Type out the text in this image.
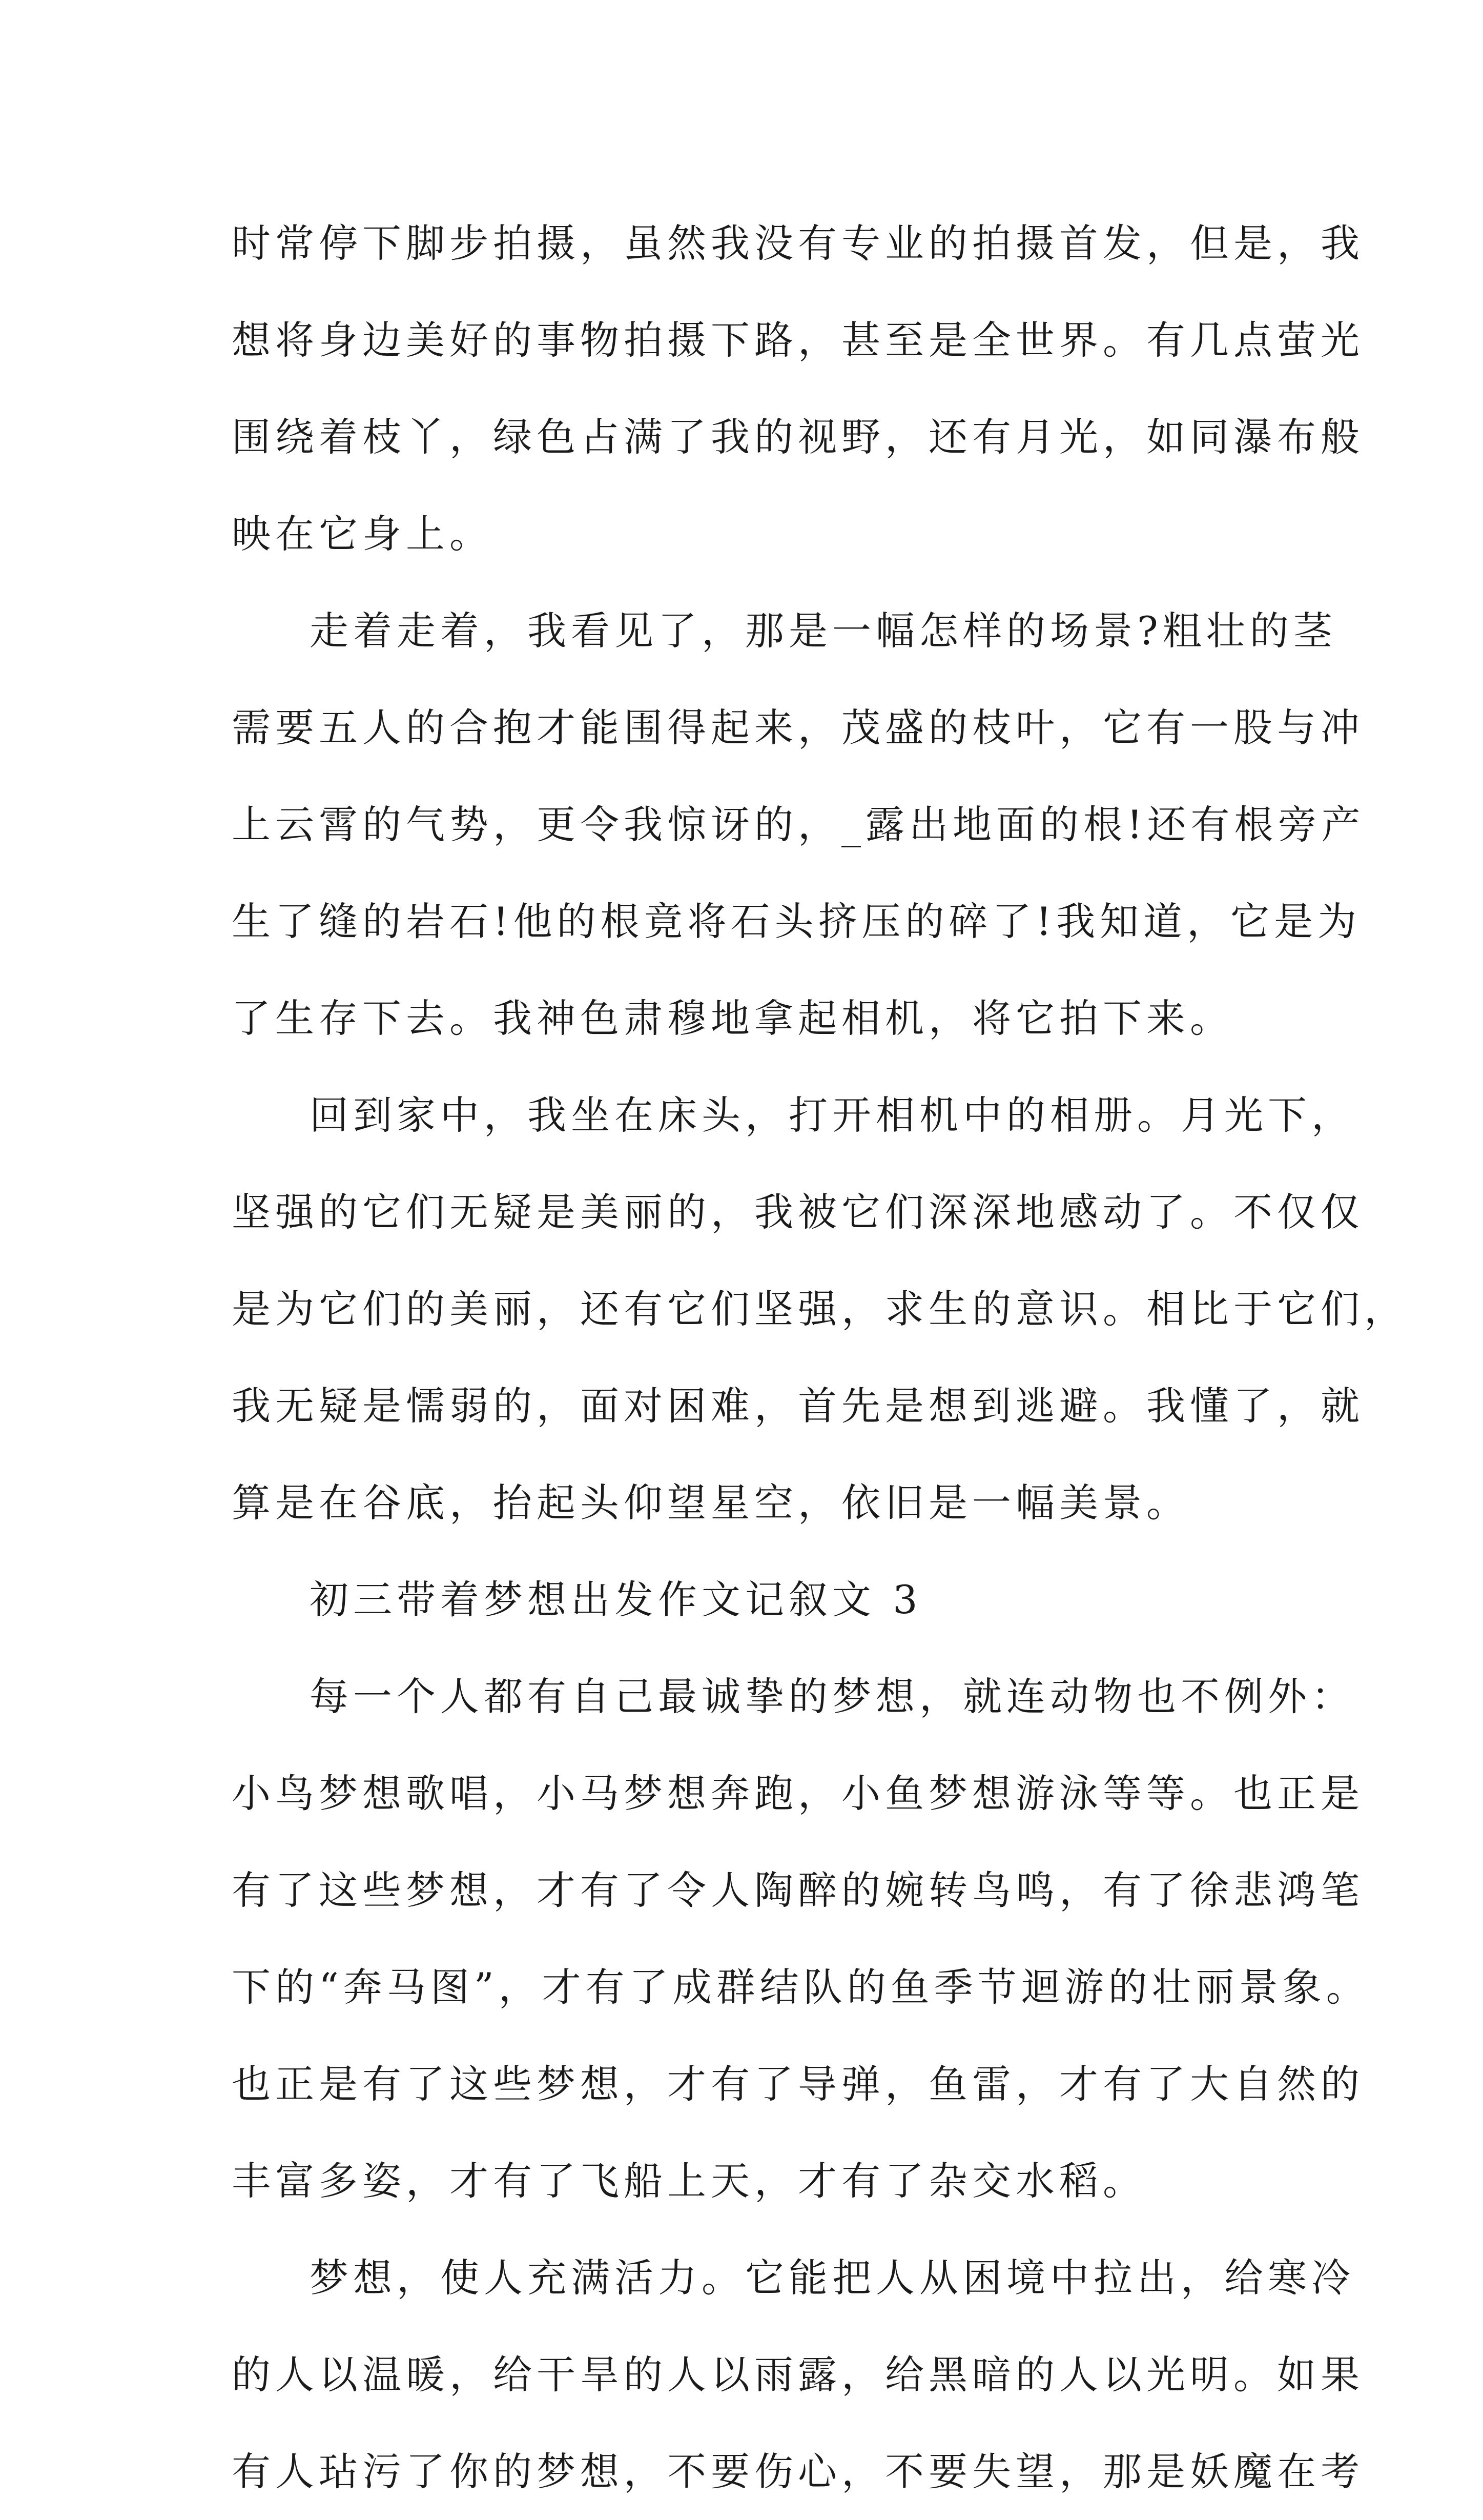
时常停下脚步拍摄，虽然我没有专业的拍摄首发，但是，我
想将身边美好的事物拍摄下路，甚至是全世界。有几点萤光
围绕着枝丫，绿色占满了我的视野，还有月光，如同瀑布般
映在它身上。
走着走着，我看见了，那是一幅怎样的场景?粗壮的茎
需要五人的合抱才能围得起来，茂盛的枝叶，它有一股与冲
上云霄的气势，更令我惊讶的，_露出地面的根!还有根旁产
生了缝的岩石!他的根竟将石头挤压的碎了!我知道，它是为
了生存下去。我神色肃穆地拿起相机，将它拍下来。
回到家中，我坐在床头，打开相机中的相册。月光下，
坚强的它们无疑是美丽的，我被它们深深地感动了。不仅仅
是为它们的美丽，还有它们坚强，求生的意识。相比于它们，
我无疑是懦弱的，面对困难，首先是想到逃避。我懂了，就
算是在谷底，抬起头仰望星空，依旧是一幅美景。
初三带着梦想出发作文记叙文 3
每一个人都有自己最诚挚的梦想，就连动物也不例外：
小鸟梦想歌唱，小马梦想奔跑，小鱼梦想游泳等等。也正是
有了这些梦想，才有了令人陶醉的婉转鸟鸣，有了徐悲鸿笔
下的“奔马图”，才有了成群结队的鱼季节迴游的壮丽景象。
也正是有了这些梦想，才有了导弹，鱼雷，才有了大自然的
丰富多姿，才有了飞船上天，才有了杂交水稻。
梦想，使人充满活力。它能把人从困境中拉出，给寒冷
的人以温暖，给干旱的人以雨露，给黑暗的人以光明。如果
有人玷污了你的梦想，不要伤心，不要失望，那是妖魔在考
